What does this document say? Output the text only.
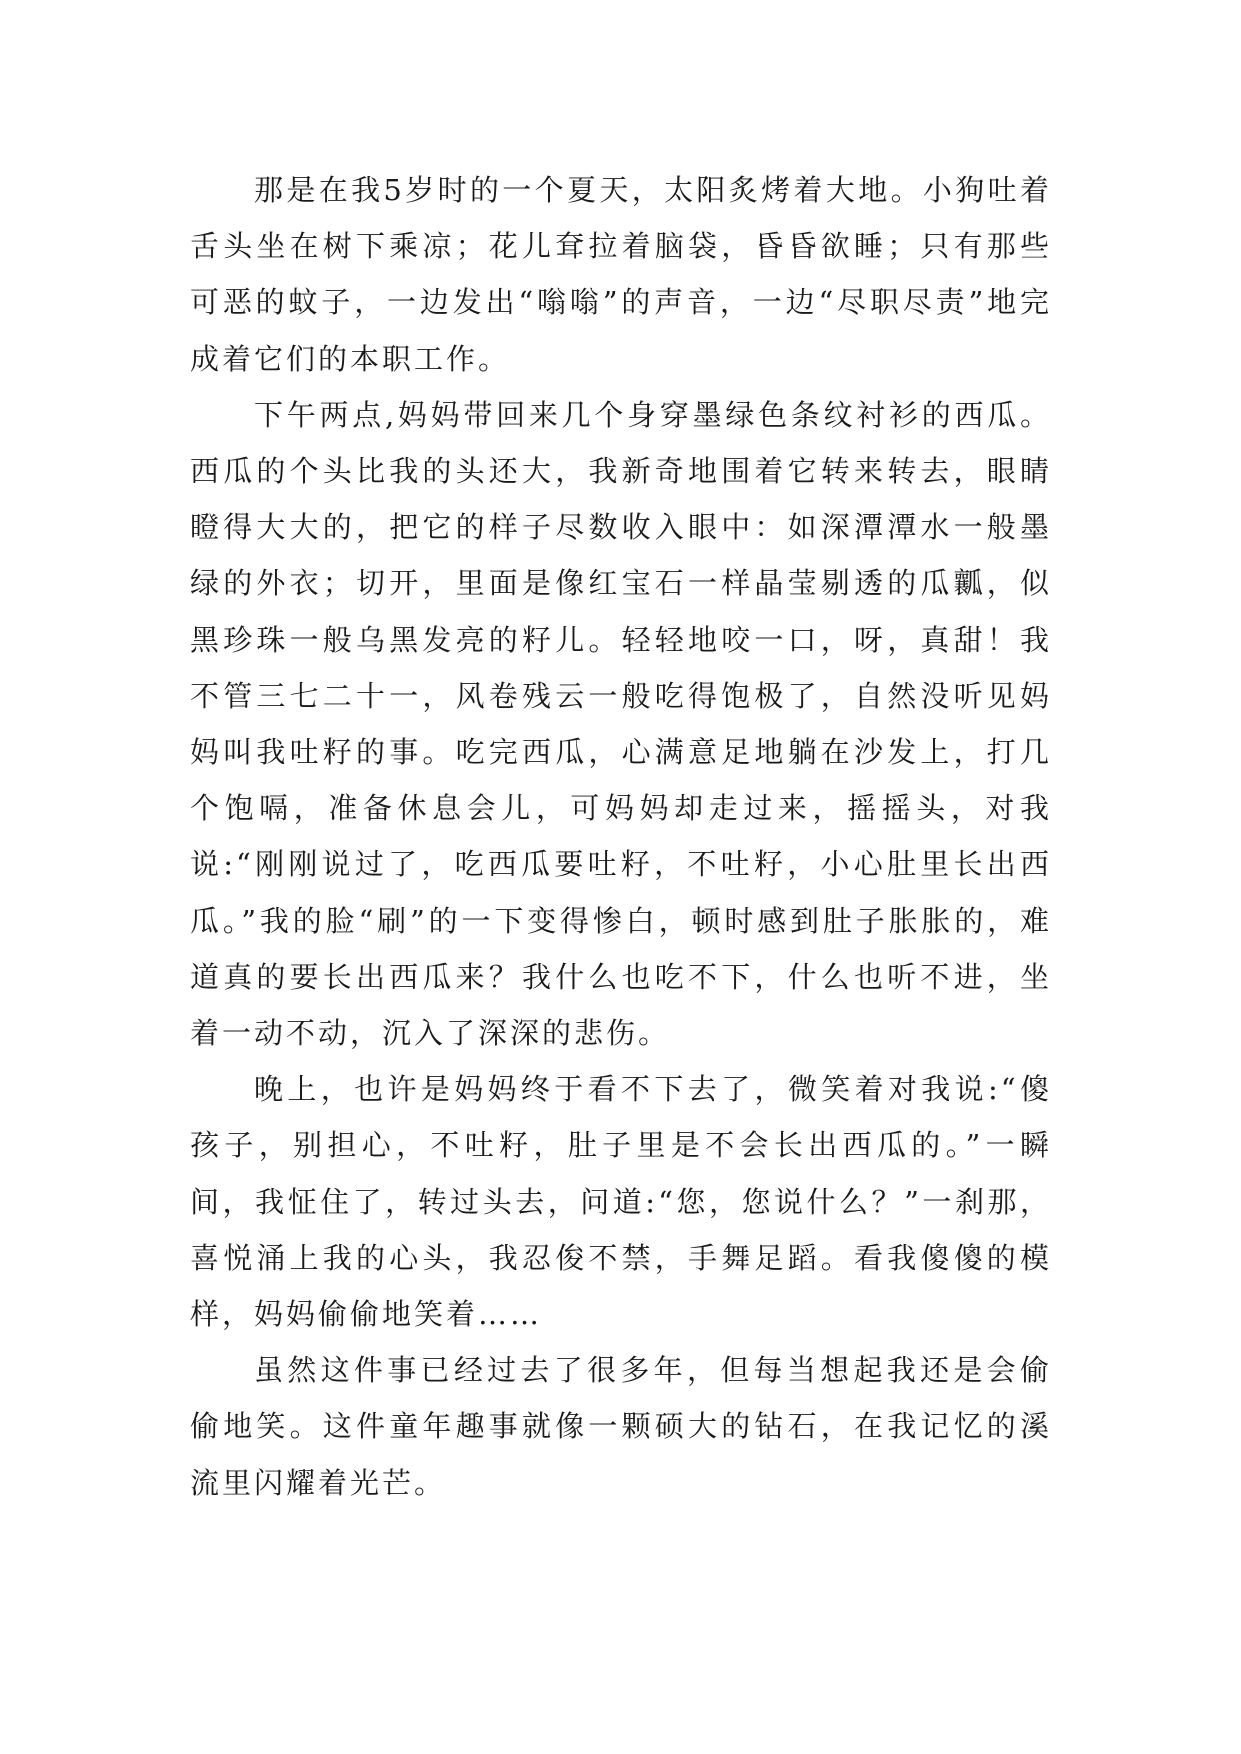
那是在我5岁时的一个夏天，太阳炙烤着大地。小狗吐着舌头坐在树下乘凉；花儿耷拉着脑袋，昏昏欲睡；只有那些可恶的蚊子，一边发出“嗡嗡”的声音，一边“尽职尽责”地完成着它们的本职工作。

下午两点,妈妈带回来几个身穿墨绿色条纹衬衫的西瓜。西瓜的个头比我的头还大，我新奇地围着它转来转去，眼睛瞪得大大的，把它的样子尽数收入眼中：如深潭潭水一般墨绿的外衣；切开，里面是像红宝石一样晶莹剔透的瓜瓤，似黑珍珠一般乌黑发亮的籽儿。轻轻地咬一口，呀，真甜！我不管三七二十一，风卷残云一般吃得饱极了，自然没听见妈妈叫我吐籽的事。吃完西瓜，心满意足地躺在沙发上，打几个饱嗝，准备休息会儿，可妈妈却走过来，摇摇头，对我说:“刚刚说过了，吃西瓜要吐籽，不吐籽，小心肚里长出西瓜。”我的脸“刷”的一下变得惨白，顿时感到肚子胀胀的，难道真的要长出西瓜来？我什么也吃不下，什么也听不进，坐着一动不动，沉入了深深的悲伤。

晚上，也许是妈妈终于看不下去了，微笑着对我说:“傻孩子，别担心，不吐籽，肚子里是不会长出西瓜的。”一瞬间，我怔住了，转过头去，问道:“您，您说什么？”一刹那，喜悦涌上我的心头，我忍俊不禁，手舞足蹈。看我傻傻的模样，妈妈偷偷地笑着……

虽然这件事已经过去了很多年，但每当想起我还是会偷偷地笑。这件童年趣事就像一颗硕大的钻石，在我记忆的溪流里闪耀着光芒。
